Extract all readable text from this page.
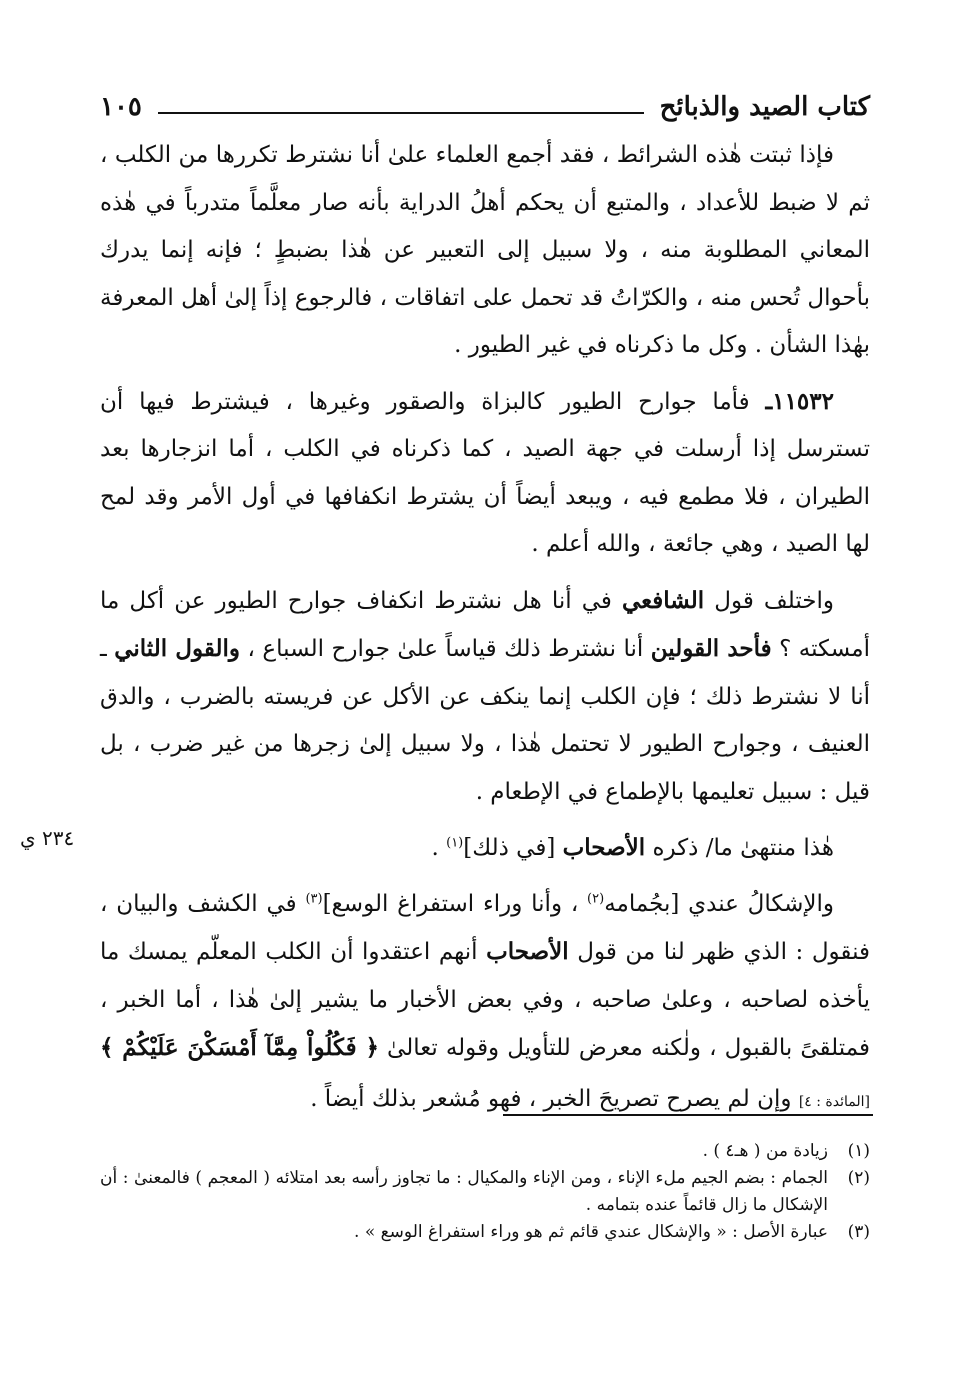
كتاب الصيد والذبائح
١٠٥
٢٣٤ ي

فإذا ثبتت هٰذه الشرائط ، فقد أجمع العلماء علىٰ أنا نشترط تكررها من الكلب ، ثم لا ضبط للأعداد ، والمتبع أن يحكم أهلُ الدراية بأنه صار معلَّماً متدرباً في هٰذه المعاني المطلوبة منه ، ولا سبيل إلى التعبير عن هٰذا بضبطٍ ؛ فإنه إنما يدرك بأحوال تُحس منه ، والكرّاتُ قد تحمل على اتفاقات ، فالرجوع إذاً إلىٰ أهل المعرفة بهٰذا الشأن . وكل ما ذكرناه في غير الطيور .

١١٥٣٢ـ فأما جوارح الطيور كالبزاة والصقور وغيرها ، فيشترط فيها أن تسترسل إذا أرسلت في جهة الصيد ، كما ذكرناه في الكلب ، أما انزجارها بعد الطيران ، فلا مطمع فيه ، ويبعد أيضاً أن يشترط انكفافها في أول الأمر وقد لمح لها الصيد ، وهي جائعة ، والله أعلم .

واختلف قول الشافعي في أنا هل نشترط انكفاف جوارح الطيور عن أكل ما أمسكته ؟ فأحد القولين أنا نشترط ذلك قياساً علىٰ جوارح السباع ، والقول الثاني ـ أنا لا نشترط ذلك ؛ فإن الكلب إنما ينكف عن الأكل عن فريسته بالضرب ، والدق العنيف ، وجوارح الطيور لا تحتمل هٰذا ، ولا سبيل إلىٰ زجرها من غير ضرب ، بل قيل : سبيل تعليمها بالإطماع في الإطعام .

هٰذا منتهىٰ ما/ ذكره الأصحاب [في ذلك]$^{(١)}$ .

والإشكالُ عندي [بجُمامه$^{(٢)}$ ، وأنا وراء استفراغ الوسع]$^{(٣)}$ في الكشف والبيان ، فنقول : الذي ظهر لنا من قول الأصحاب أنهم اعتقدوا أن الكلب المعلّم يمسك ما يأخذه لصاحبه ، وعلىٰ صاحبه ، وفي بعض الأخبار ما يشير إلىٰ هٰذا ، أما الخبر ، فمتلقىً بالقبول ، ولٰكنه معرض للتأويل وقوله تعالىٰ ﴿ فَكُلُواْ مِمَّآ أَمْسَكْنَ عَلَيْكُمْ ﴾ [المائدة : ٤] وإن لم يصرح تصريحَ الخبر ، فهو مُشعر بذلك أيضاً .

(١)
زيادة من ( هـ٤ ) .
(٢)
الجمام : بضم الجيم ملء الإناء ، ومن الإناء والمكيال : ما تجاوز رأسه بعد امتلائه ( المعجم ) فالمعنىٰ : أن الإشكال ما زال قائماً عنده بتمامه .
(٣)
عبارة الأصل : « والإشكال عندي قائم ثم هو وراء استفراغ الوسع » .
